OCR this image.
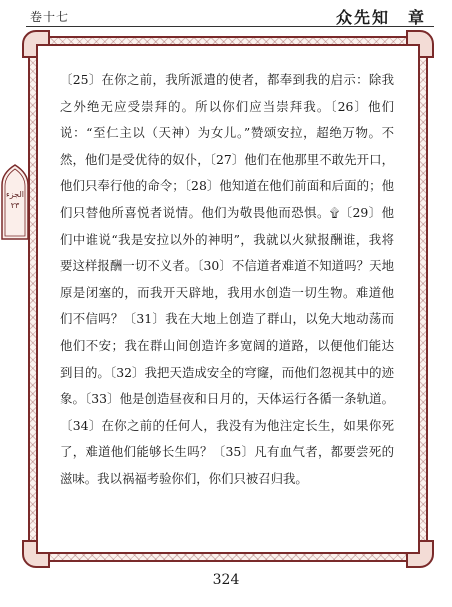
卷十七	众先知　章
الجزء
٢٣

〔25〕在你之前，我所派遣的使者，都奉到我的启示：除我之外绝无应受崇拜的。所以你们应当崇拜我。〔26〕他们说：“至仁主以（天神）为女儿。”赞颂安拉，超绝万物。不然，他们是受优待的奴仆，〔27〕他们在他那里不敢先开口，他们只奉行他的命令；〔28〕他知道在他们前面和后面的；他们只替他所喜悦者说情。他们为敬畏他而恐惧。۩〔29〕他们中谁说“我是安拉以外的神明”，我就以火狱报酬谁，我将要这样报酬一切不义者。〔30〕不信道者难道不知道吗？天地原是闭塞的，而我开天辟地，我用水创造一切生物。难道他们不信吗？〔31〕我在大地上创造了群山，以免大地动荡而他们不安；我在群山间创造许多宽阔的道路，以便他们能达到目的。〔32〕我把天造成安全的穹窿，而他们忽视其中的迹象。〔33〕他是创造昼夜和日月的，天体运行各循一条轨道。〔34〕在你之前的任何人，我没有为他注定长生，如果你死了，难道他们能够长生吗？〔35〕凡有血气者，都要尝死的滋味。我以祸福考验你们，你们只被召归我。

324
